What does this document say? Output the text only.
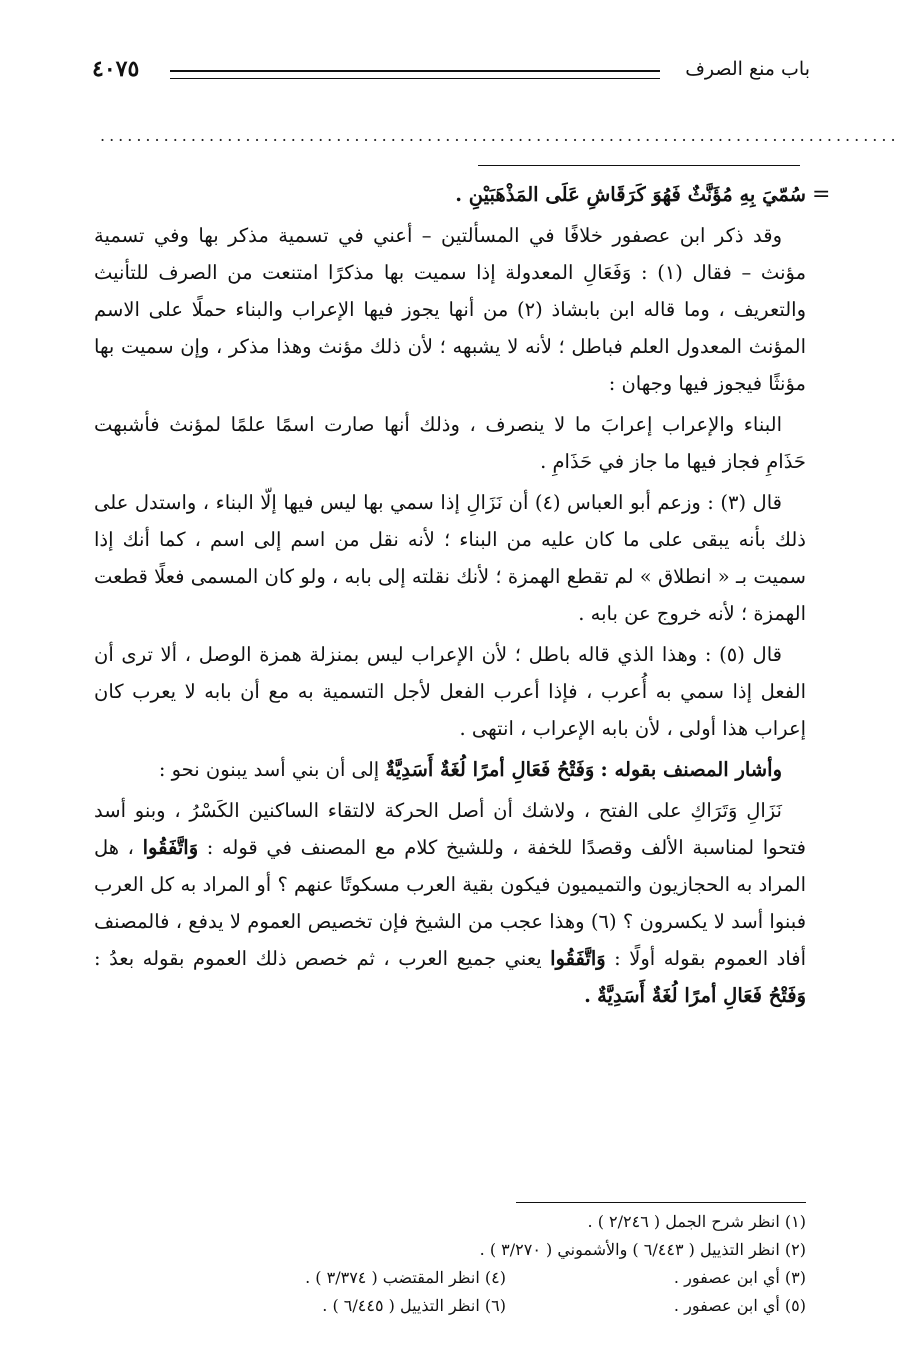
باب منع الصرف
٤٠٧٥
........................................................................................
=

سُمّيَ بِهِ مُؤَنَّثٌ فَهُوَ كَرَقَاشِ عَلَى المَذْهَبَيْنِ .

وقد ذكر ابن عصفور خلافًا في المسألتين – أعني في تسمية مذكر بها وفي تسمية مؤنث – فقال (١) : وَفَعَالِ المعدولة إذا سميت بها مذكرًا امتنعت من الصرف للتأنيث والتعريف ، وما قاله ابن بابشاذ (٢) من أنها يجوز فيها الإعراب والبناء حملًا على الاسم المؤنث المعدول العلم فباطل ؛ لأنه لا يشبهه ؛ لأن ذلك مؤنث وهذا مذكر ، وإن سميت بها مؤنثًا فيجوز فيها وجهان :

البناء والإعراب إعرابَ ما لا ينصرف ، وذلك أنها صارت اسمًا علمًا لمؤنث فأشبهت حَذَامِ فجاز فيها ما جاز في حَذَامِ .

قال (٣) : وزعم أبو العباس (٤) أن نَزَالِ إذا سمي بها ليس فيها إلّا البناء ، واستدل على ذلك بأنه يبقى على ما كان عليه من البناء ؛ لأنه نقل من اسم إلى اسم ، كما أنك إذا سميت بـ « انطلاق » لم تقطع الهمزة ؛ لأنك نقلته إلى بابه ، ولو كان المسمى فعلًا قطعت الهمزة ؛ لأنه خروج عن بابه .

قال (٥) : وهذا الذي قاله باطل ؛ لأن الإعراب ليس بمنزلة همزة الوصل ، ألا ترى أن الفعل إذا سمي به أُعرب ، فإذا أعرب الفعل لأجل التسمية به مع أن بابه لا يعرب كان إعراب هذا أولى ، لأن بابه الإعراب ، انتهى .

وأشار المصنف بقوله : وَفَتْحُ فَعَالِ أمرًا لُغَةٌ أَسَدِيَّةٌ إلى أن بني أسد يبنون نحو :

نَزَالِ وَتَرَاكِ على الفتح ، ولاشك أن أصل الحركة لالتقاء الساكنين الكَسْرُ ، وبنو أسد فتحوا لمناسبة الألف وقصدًا للخفة ، وللشيخ كلام مع المصنف في قوله : وَاتَّفَقُوا ، هل المراد به الحجازيون والتميميون فيكون بقية العرب مسكوتًا عنهم ؟ أو المراد به كل العرب فبنوا أسد لا يكسرون ؟ (٦) وهذا عجب من الشيخ فإن تخصيص العموم لا يدفع ، فالمصنف أفاد العموم بقوله أولًا : وَاتَّفَقُوا يعني جميع العرب ، ثم خصص ذلك العموم بقوله بعدُ : وَفَتْحُ فَعَالِ أمرًا لُغَةٌ أَسَدِيَّةٌ .

(١) انظر شرح الجمل ( ٢/٢٤٦ ) .
(٢) انظر التذييل ( ٦/٤٤٣ ) والأشموني ( ٣/٢٧٠ ) .
(٣) أي ابن عصفور .
(٤) انظر المقتضب ( ٣/٣٧٤ ) .
(٥) أي ابن عصفور .
(٦) انظر التذييل ( ٦/٤٤٥ ) .
